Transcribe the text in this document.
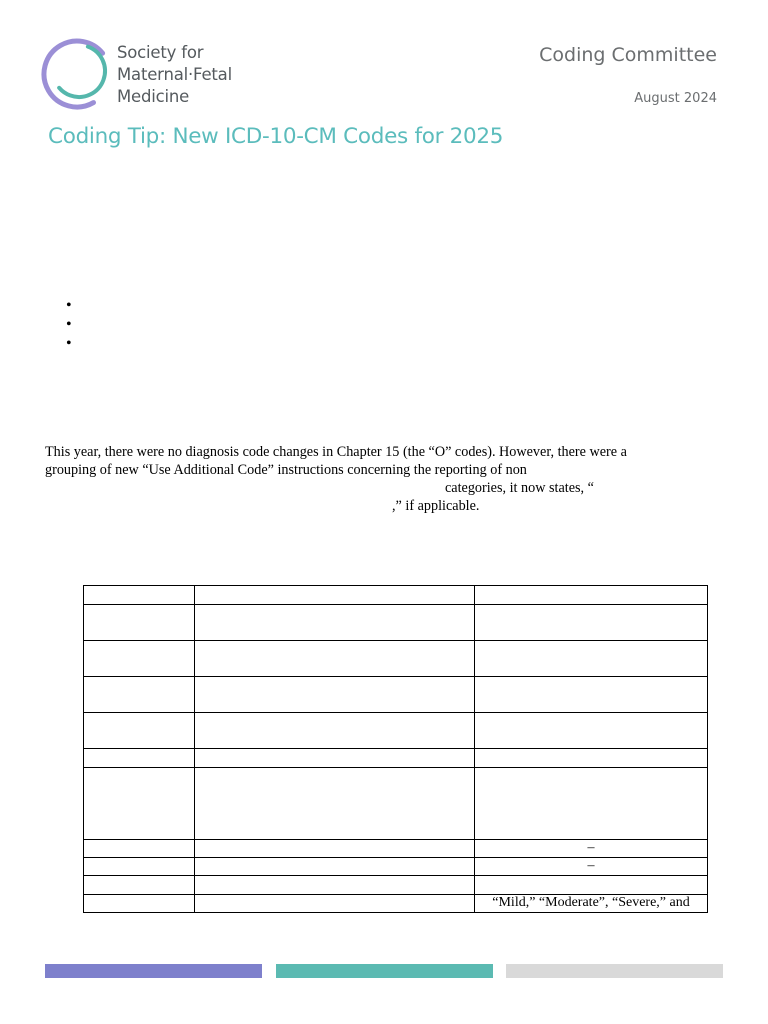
Society for
Maternal·Fetal
Medicine
Coding Committee
August 2024
Coding Tip: New ICD-10-CM Codes for 2025
•
•
•
This year, there were no diagnosis code changes in Chapter 15 (the “O” codes). However, there were a
grouping of new “Use Additional Code” instructions concerning the reporting of non
categories, it now states, “
,” if applicable.

		–
		–

		“Mild,” “Moderate”, “Severe,” and
